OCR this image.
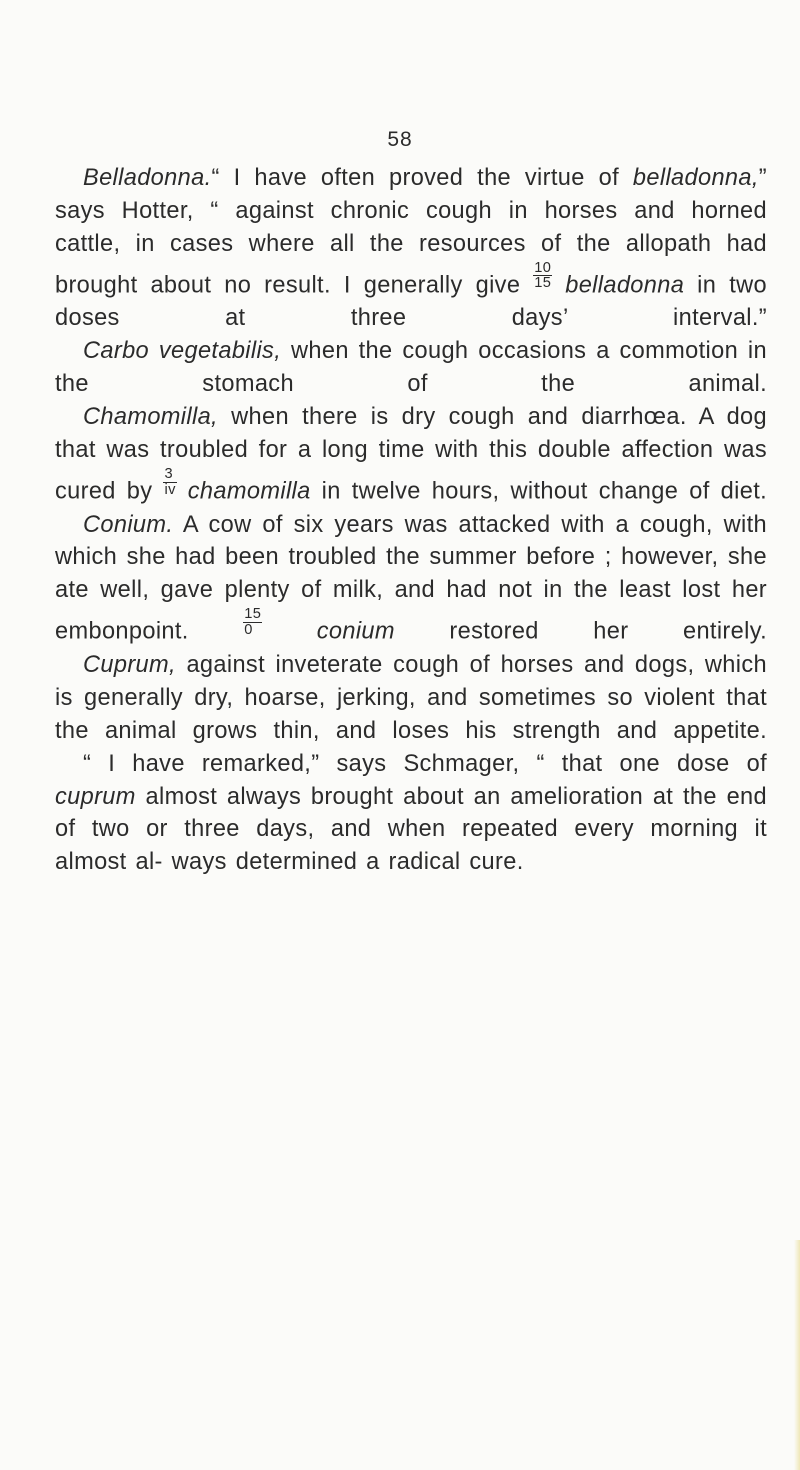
58

Belladonna.“ I have often proved the virtue of belladonna,” says Hotter, “ against chronic cough in horses and horned cattle, in cases where all the resources of the allopath had brought about no result. I generally give $\frac{10}{15}$ belladonna in two doses at three days’ interval.”

Carbo vegetabilis, when the cough occasions a commotion in the stomach of the animal.

Chamomilla, when there is dry cough and diarrhœa. A dog that was troubled for a long time with this double affection was cured by $\frac{3}{iv}$ chamomilla in twelve hours, without change of diet.

Conium. A cow of six years was attacked with a cough, with which she had been troubled the summer before ; however, she ate well, gave plenty of milk, and had not in the least lost her embonpoint. $\frac{15}{0}$ conium restored her entirely.

Cuprum, against inveterate cough of horses and dogs, which is generally dry, hoarse, jerking, and sometimes so violent that the animal grows thin, and loses his strength and appetite.

“ I have remarked,” says Schmager, “ that one dose of cuprum almost always brought about an amelioration at the end of two or three days, and when repeated every morning it almost al- ways determined a radical cure.
